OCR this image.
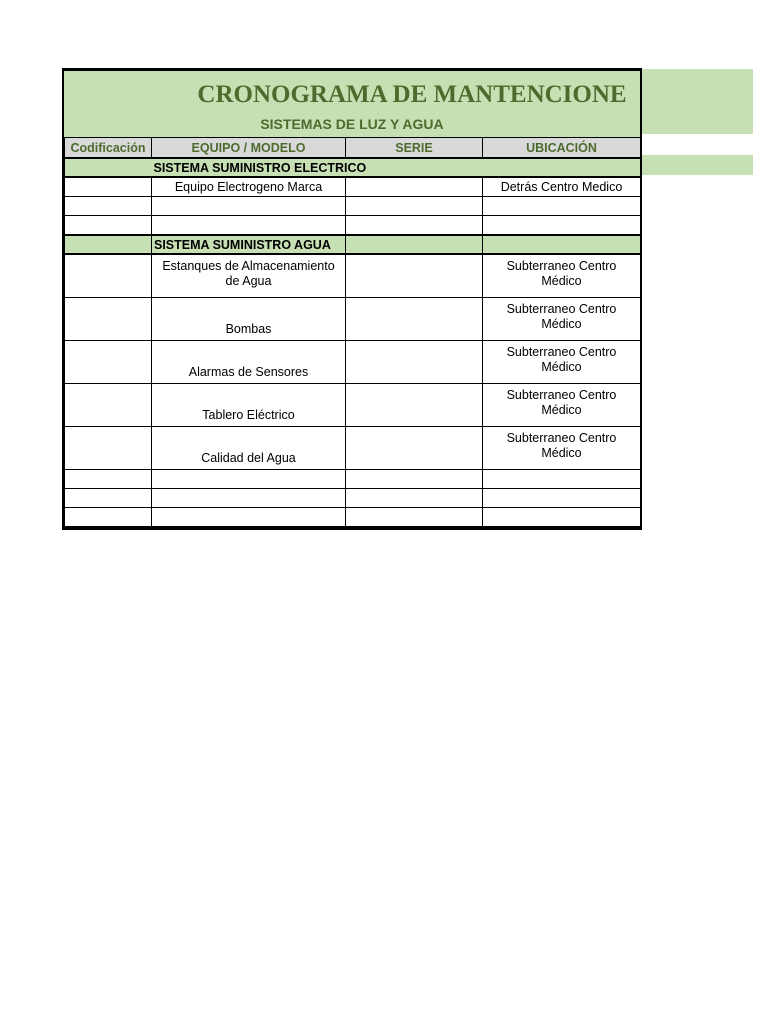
CRONOGRAMA DE MANTENCIONE
SISTEMAS DE LUZ Y AGUA
Codificación	EQUIPO / MODELO	SERIE	UBICACIÓN
	SISTEMA SUMINISTRO ELECTRICO		
	Equipo Electrogeno Marca		Detrás Centro Medico

	SISTEMA SUMINISTRO AGUA		
	Estanques de Almacenamiento de Agua		Subterraneo Centro Médico
	Bombas		Subterraneo Centro Médico
	Alarmas de Sensores		Subterraneo Centro Médico
	Tablero Eléctrico		Subterraneo Centro Médico
	Calidad del Agua		Subterraneo Centro Médico
